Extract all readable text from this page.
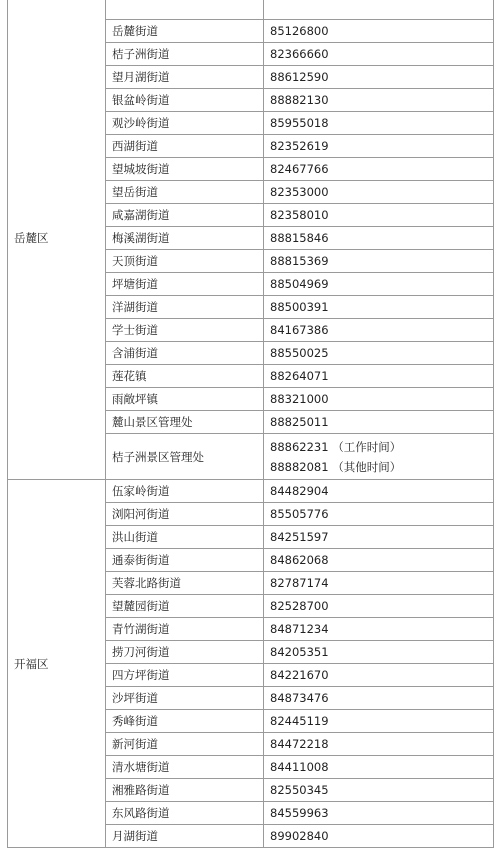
岳麓区		
	岳麓街道	85126800
	桔子洲街道	82366660
	望月湖街道	88612590
	银盆岭街道	88882130
	观沙岭街道	85955018
	西湖街道	82352619
	望城坡街道	82467766
	望岳街道	82353000
	咸嘉湖街道	82358010
	梅溪湖街道	88815846
	天顶街道	88815369
	坪塘街道	88504969
	洋湖街道	88500391
	学士街道	84167386
	含浦街道	88550025
	莲花镇	88264071
	雨敞坪镇	88321000
	麓山景区管理处	88825011
	桔子洲景区管理处	88862231 （工作时间）
88882081 （其他时间）

开福区	伍家岭街道	84482904
	浏阳河街道	85505776
	洪山街道	84251597
	通泰街街道	84862068
	芙蓉北路街道	82787174
	望麓园街道	82528700
	青竹湖街道	84871234
	捞刀河街道	84205351
	四方坪街道	84221670
	沙坪街道	84873476
	秀峰街道	82445119
	新河街道	84472218
	清水塘街道	84411008
	湘雅路街道	82550345
	东风路街道	84559963
	月湖街道	89902840
